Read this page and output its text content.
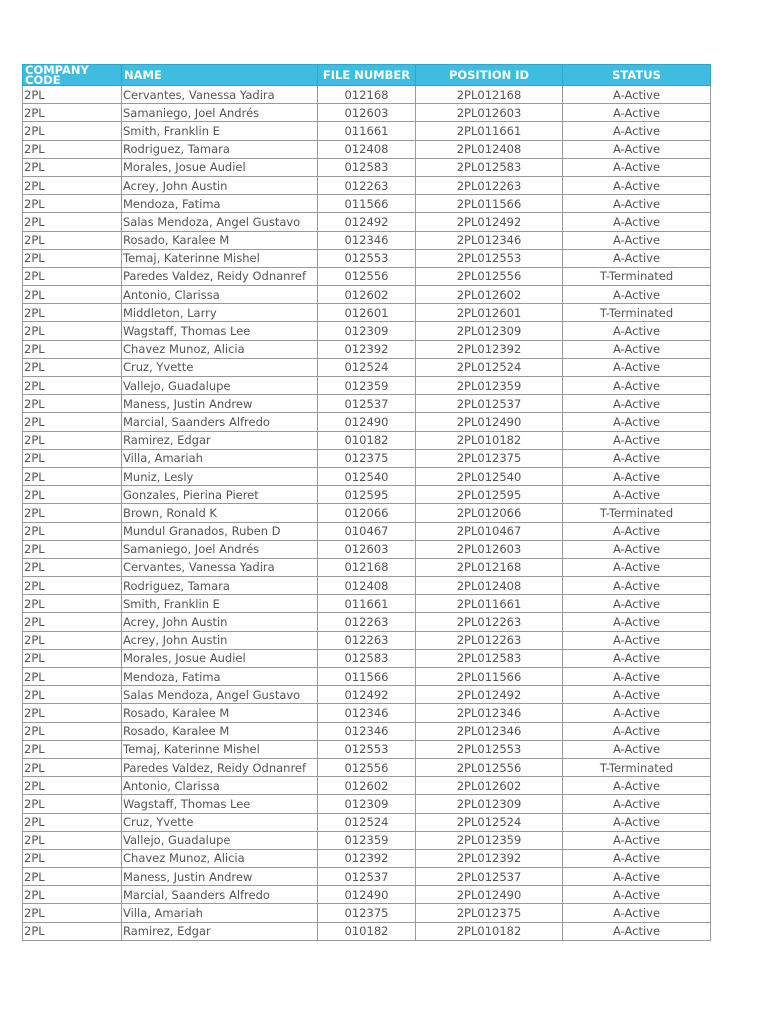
COMPANY CODE	NAME	FILE NUMBER	POSITION ID	STATUS
2PL	Cervantes, Vanessa Yadira	012168	2PL012168	A-Active
2PL	Samaniego, Joel Andrés	012603	2PL012603	A-Active
2PL	Smith, Franklin E	011661	2PL011661	A-Active
2PL	Rodriguez, Tamara	012408	2PL012408	A-Active
2PL	Morales, Josue Audiel	012583	2PL012583	A-Active
2PL	Acrey, John Austin	012263	2PL012263	A-Active
2PL	Mendoza, Fatima	011566	2PL011566	A-Active
2PL	Salas Mendoza, Angel Gustavo	012492	2PL012492	A-Active
2PL	Rosado, Karalee M	012346	2PL012346	A-Active
2PL	Temaj, Katerinne Mishel	012553	2PL012553	A-Active
2PL	Paredes Valdez, Reidy Odnanref	012556	2PL012556	T-Terminated
2PL	Antonio, Clarissa	012602	2PL012602	A-Active
2PL	Middleton, Larry	012601	2PL012601	T-Terminated
2PL	Wagstaff, Thomas Lee	012309	2PL012309	A-Active
2PL	Chavez Munoz, Alicia	012392	2PL012392	A-Active
2PL	Cruz, Yvette	012524	2PL012524	A-Active
2PL	Vallejo, Guadalupe	012359	2PL012359	A-Active
2PL	Maness, Justin Andrew	012537	2PL012537	A-Active
2PL	Marcial, Saanders Alfredo	012490	2PL012490	A-Active
2PL	Ramirez, Edgar	010182	2PL010182	A-Active
2PL	Villa, Amariah	012375	2PL012375	A-Active
2PL	Muniz, Lesly	012540	2PL012540	A-Active
2PL	Gonzales, Pierina Pieret	012595	2PL012595	A-Active
2PL	Brown, Ronald K	012066	2PL012066	T-Terminated
2PL	Mundul Granados, Ruben D	010467	2PL010467	A-Active
2PL	Samaniego, Joel Andrés	012603	2PL012603	A-Active
2PL	Cervantes, Vanessa Yadira	012168	2PL012168	A-Active
2PL	Rodriguez, Tamara	012408	2PL012408	A-Active
2PL	Smith, Franklin E	011661	2PL011661	A-Active
2PL	Acrey, John Austin	012263	2PL012263	A-Active
2PL	Acrey, John Austin	012263	2PL012263	A-Active
2PL	Morales, Josue Audiel	012583	2PL012583	A-Active
2PL	Mendoza, Fatima	011566	2PL011566	A-Active
2PL	Salas Mendoza, Angel Gustavo	012492	2PL012492	A-Active
2PL	Rosado, Karalee M	012346	2PL012346	A-Active
2PL	Rosado, Karalee M	012346	2PL012346	A-Active
2PL	Temaj, Katerinne Mishel	012553	2PL012553	A-Active
2PL	Paredes Valdez, Reidy Odnanref	012556	2PL012556	T-Terminated
2PL	Antonio, Clarissa	012602	2PL012602	A-Active
2PL	Wagstaff, Thomas Lee	012309	2PL012309	A-Active
2PL	Cruz, Yvette	012524	2PL012524	A-Active
2PL	Vallejo, Guadalupe	012359	2PL012359	A-Active
2PL	Chavez Munoz, Alicia	012392	2PL012392	A-Active
2PL	Maness, Justin Andrew	012537	2PL012537	A-Active
2PL	Marcial, Saanders Alfredo	012490	2PL012490	A-Active
2PL	Villa, Amariah	012375	2PL012375	A-Active
2PL	Ramirez, Edgar	010182	2PL010182	A-Active
